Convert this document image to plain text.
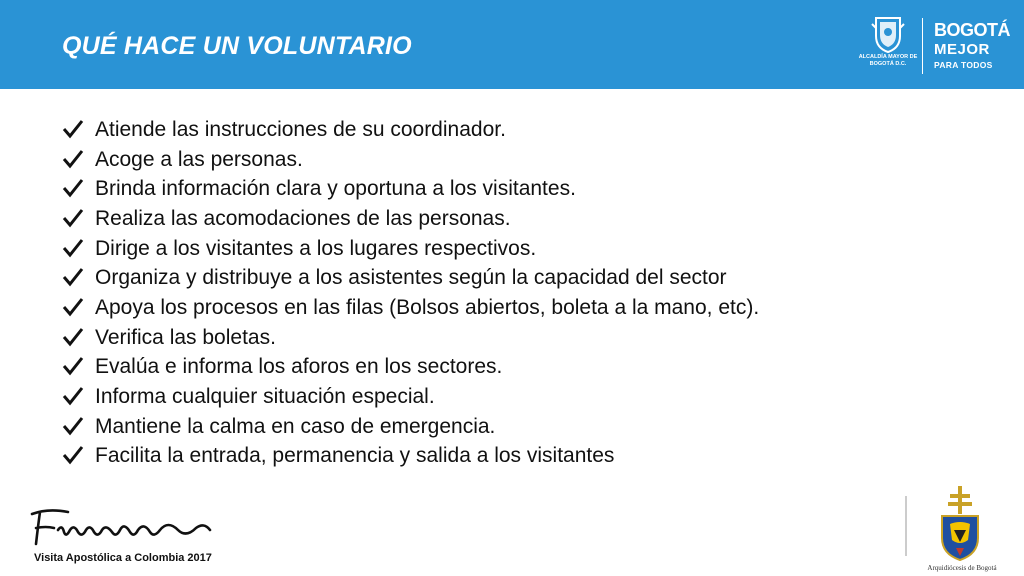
QUÉ HACE UN VOLUNTARIO	ALCALDÍA MAYOR DE BOGOTÁ D.C.
BOGOTÁ
MEJOR
PARA TODOS
Atiende las instrucciones de su coordinador.
Acoge a las personas.
Brinda información clara y oportuna a los visitantes.
Realiza las acomodaciones de las personas.
Dirige a los visitantes a los lugares respectivos.
Organiza y distribuye a los asistentes según la capacidad del sector
Apoya los procesos en las filas (Bolsos abiertos, boleta a la mano, etc).
Verifica las boletas.
Evalúa e informa los aforos en los sectores.
Informa cualquier situación especial.
Mantiene la calma en caso de emergencia.
Facilita la entrada, permanencia y salida a los visitantes
Visita Apostólica a Colombia 2017
Arquidiócesis de Bogotá
